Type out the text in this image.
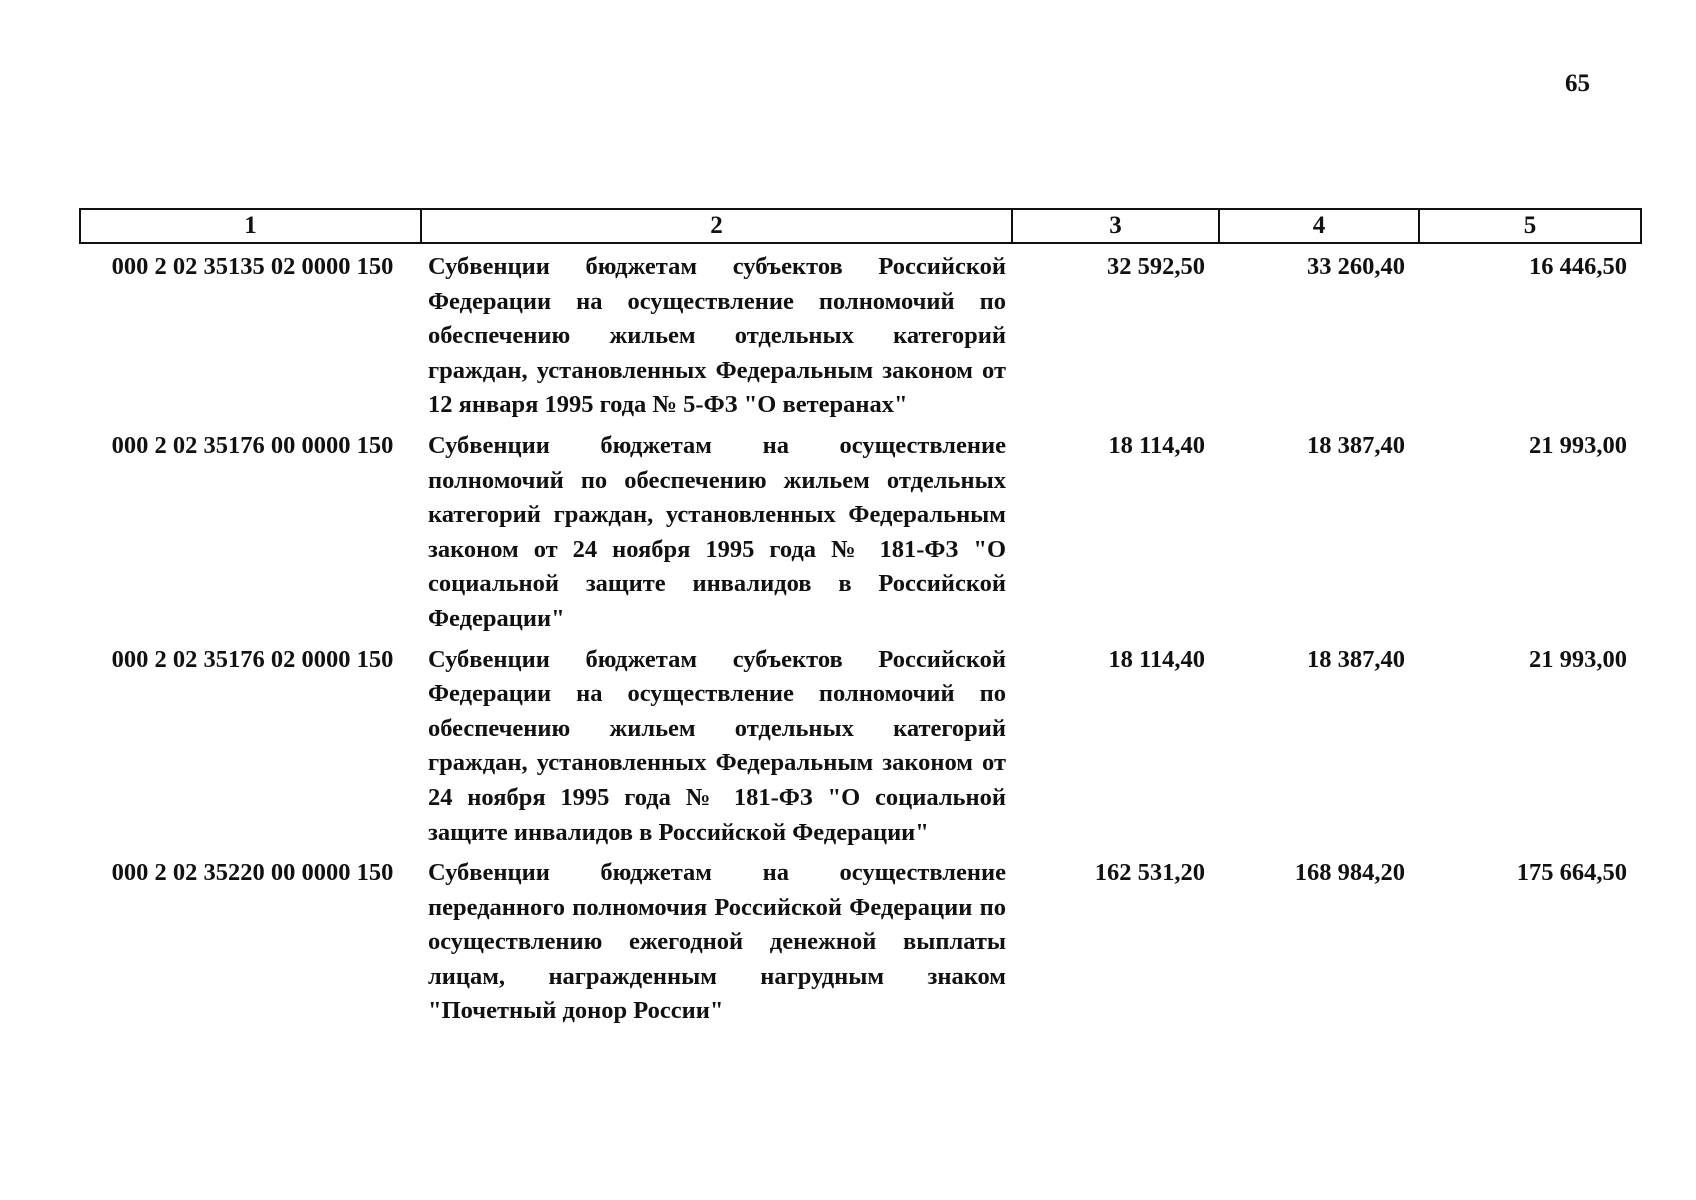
65
1	2	3	4	5
000 2 02 35135 02 0000 150	Субвенции бюджетам субъектов Российской Федерации на осуществление полномочий по обеспечению жильем отдельных категорий граждан, установленных Федеральным законом от 12 января 1995 года № 5-ФЗ "О ветеранах"	32 592,50	33 260,40	16 446,50
000 2 02 35176 00 0000 150	Субвенции бюджетам на осуществление полномочий по обеспечению жильем отдельных категорий граждан, установленных Федеральным законом от 24 ноября 1995 года № 181-ФЗ "О социальной защите инвалидов в Российской Федерации"	18 114,40	18 387,40	21 993,00
000 2 02 35176 02 0000 150	Субвенции бюджетам субъектов Российской Федерации на осуществление полномочий по обеспечению жильем отдельных категорий граждан, установленных Федеральным законом от 24 ноября 1995 года № 181-ФЗ "О социальной защите инвалидов в Российской Федерации"	18 114,40	18 387,40	21 993,00
000 2 02 35220 00 0000 150	Субвенции бюджетам на осуществление переданного полномочия Российской Федерации по осуществлению ежегодной денежной выплаты лицам, награжденным нагрудным знаком "Почетный донор России"	162 531,20	168 984,20	175 664,50
